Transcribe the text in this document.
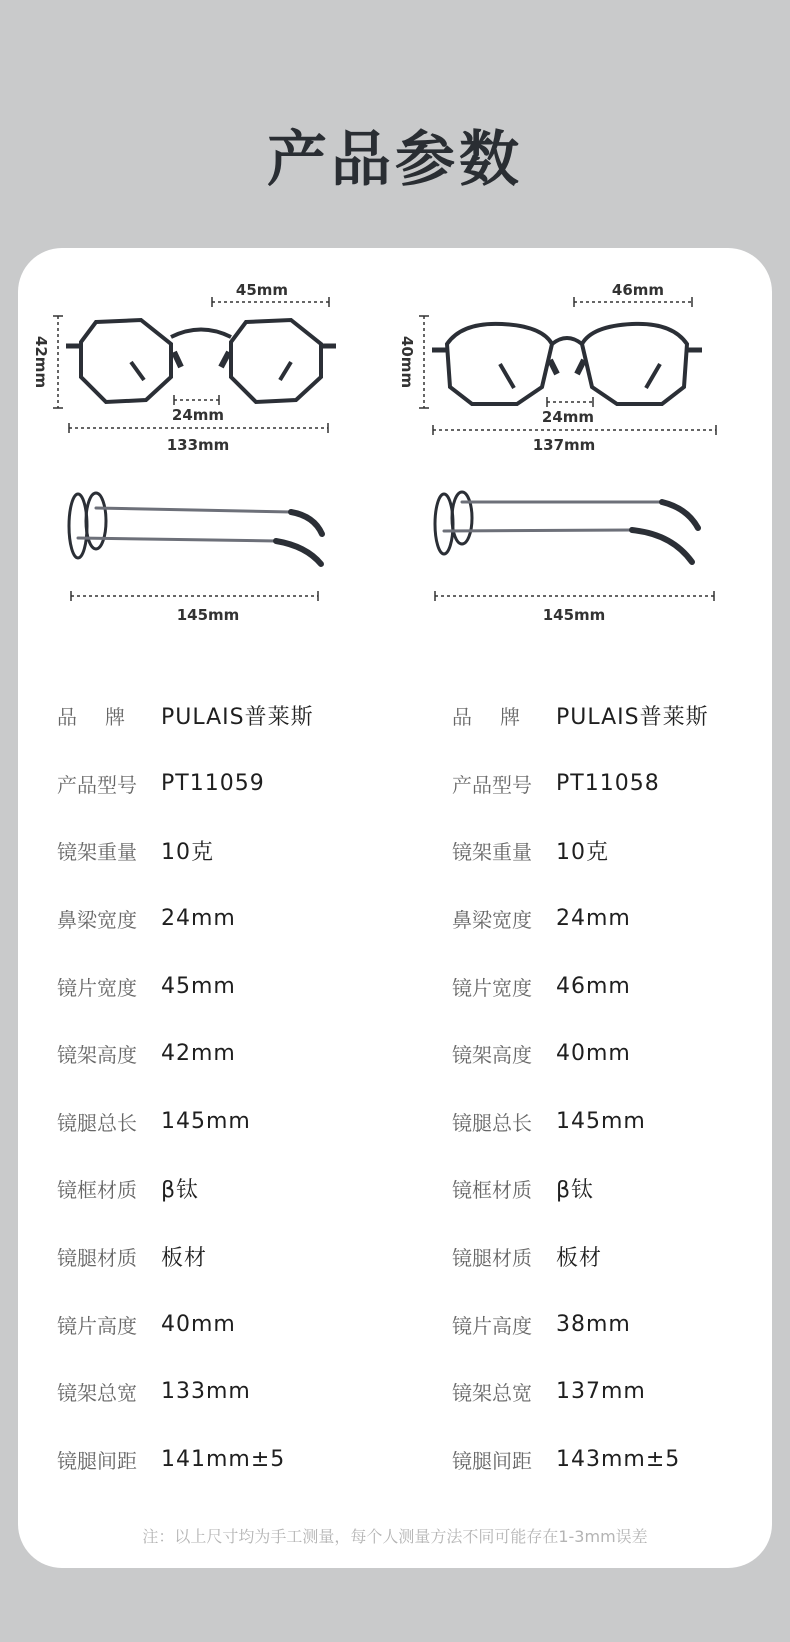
产品参数
45mm
42mm
24mm
133mm
46mm
40mm
24mm
137mm
145mm	145mm
品牌 PULAIS普莱斯
产品型号	PT11059
镜架重量	10克
鼻梁宽度	24mm
镜片宽度	45mm
镜架高度	42mm
镜腿总长	145mm
镜框材质	β钛
镜腿材质	板材
镜片高度	40mm
镜架总宽	133mm
镜腿间距	141mm±5
品牌 PULAIS普莱斯
产品型号	PT11058
镜架重量	10克
鼻梁宽度	24mm
镜片宽度	46mm
镜架高度	40mm
镜腿总长	145mm
镜框材质	β钛
镜腿材质	板材
镜片高度	38mm
镜架总宽	137mm
镜腿间距	143mm±5
注：以上尺寸均为手工测量，每个人测量方法不同可能存在1-3mm误差
